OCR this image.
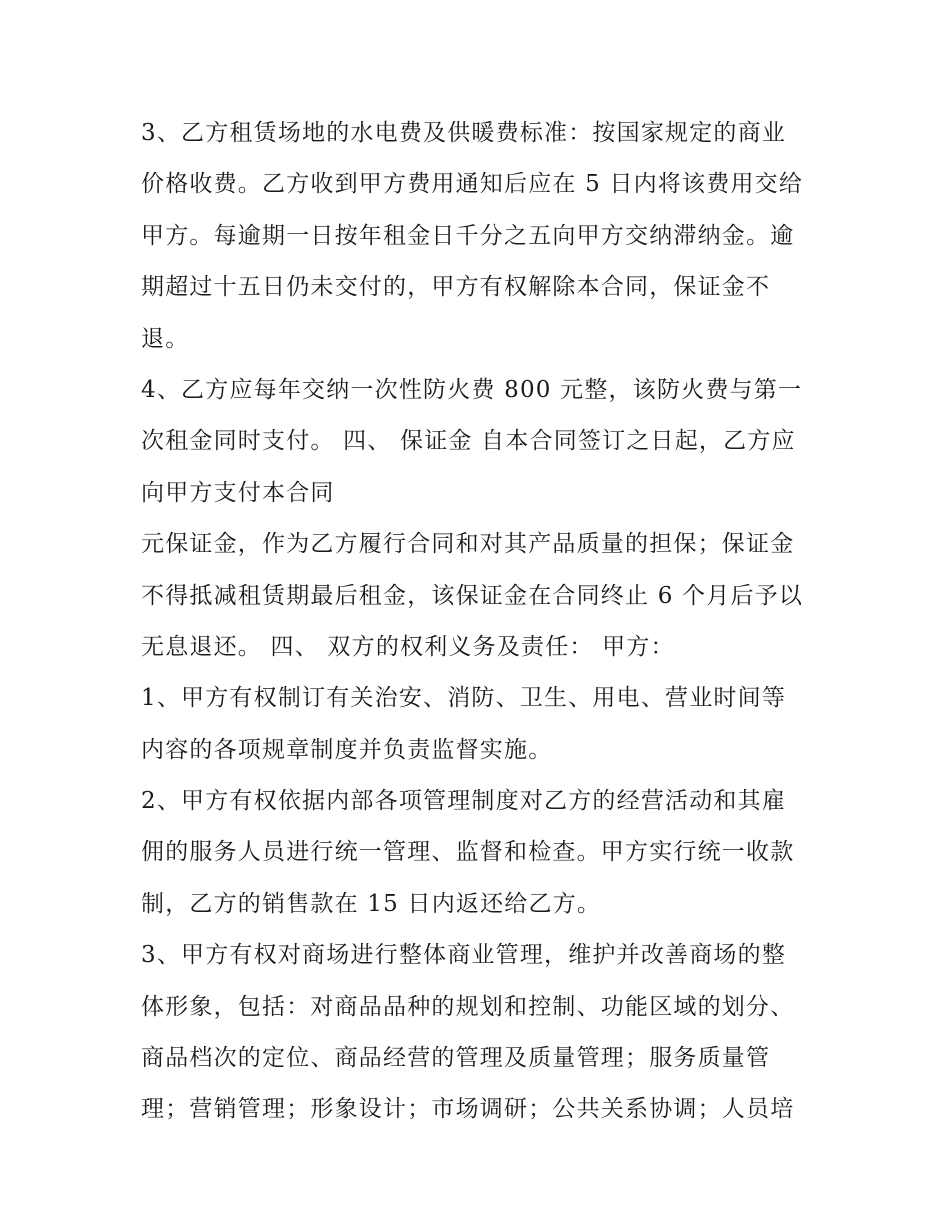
3、乙方租赁场地的水电费及供暖费标准：按国家规定的商业
价格收费。乙方收到甲方费用通知后应在 5 日内将该费用交给
甲方。每逾期一日按年租金日千分之五向甲方交纳滞纳金。逾
期超过十五日仍未交付的，甲方有权解除本合同，保证金不
退。
4、乙方应每年交纳一次性防火费 800 元整，该防火费与第一
次租金同时支付。 四、 保证金 自本合同签订之日起，乙方应
向甲方支付本合同
元保证金，作为乙方履行合同和对其产品质量的担保；保证金
不得抵减租赁期最后租金，该保证金在合同终止 6 个月后予以
无息退还。 四、 双方的权利义务及责任： 甲方：
1、甲方有权制订有关治安、消防、卫生、用电、营业时间等
内容的各项规章制度并负责监督实施。
2、甲方有权依据内部各项管理制度对乙方的经营活动和其雇
佣的服务人员进行统一管理、监督和检查。甲方实行统一收款
制，乙方的销售款在 15 日内返还给乙方。
3、甲方有权对商场进行整体商业管理，维护并改善商场的整
体形象，包括：对商品品种的规划和控制、功能区域的划分、
商品档次的定位、商品经营的管理及质量管理；服务质量管
理；营销管理；形象设计；市场调研；公共关系协调；人员培
